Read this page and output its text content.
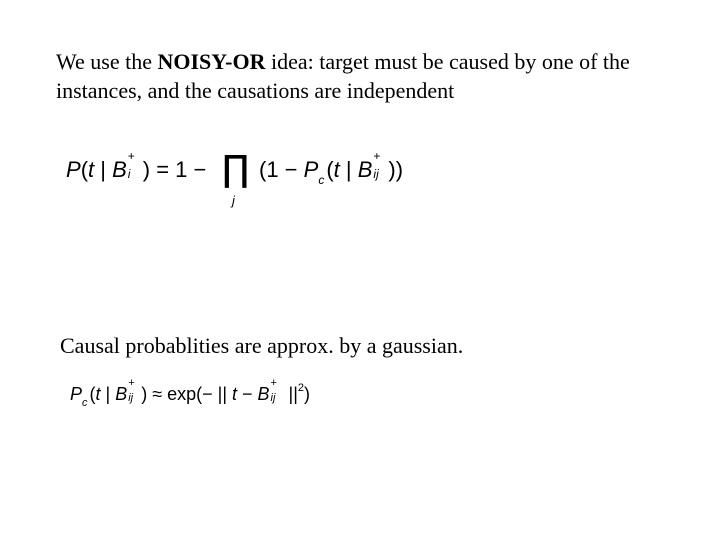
We use the NOISY-OR idea: target must be caused by one of the instances, and the causations are independent
P(t | B
+
i ) = 1 − ∏
j
($1 - P_c(t$ | B
+
ij ))
Causal probablities are approx. by a gaussian.
$P_c$ (t | B
+
ij ) ≈ exp(− || t − B
+
ij $||^2$)
